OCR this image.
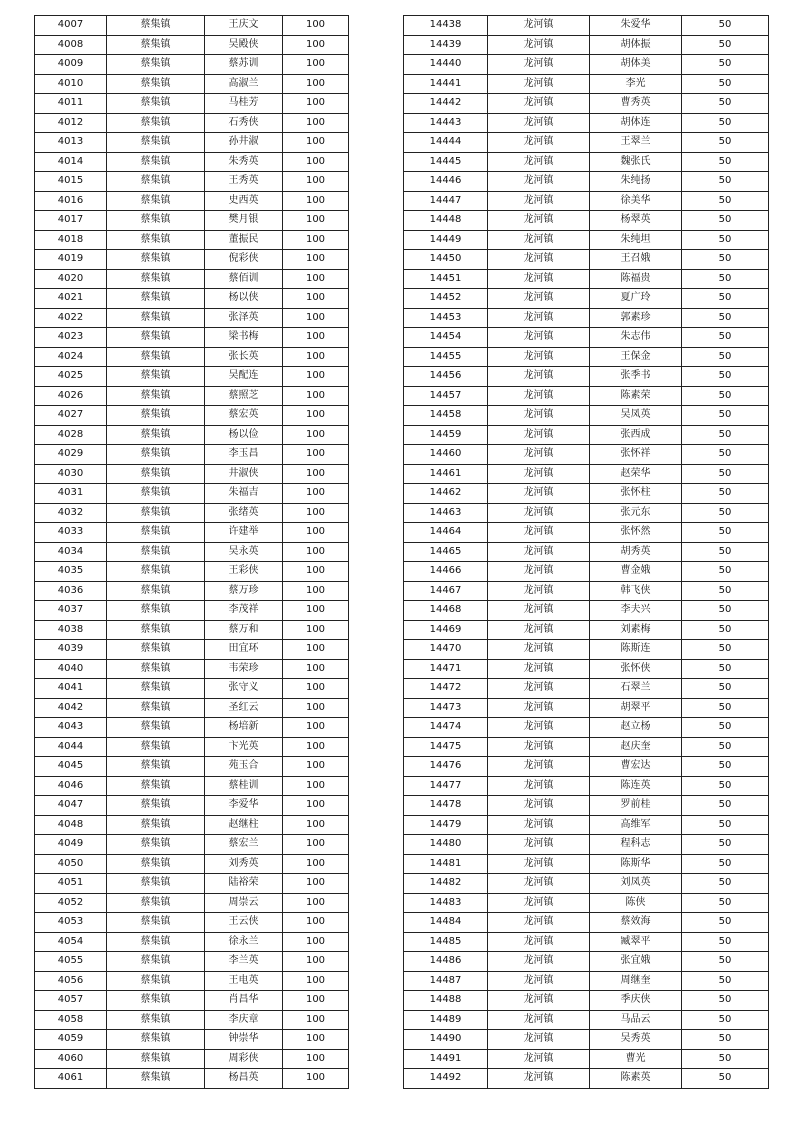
4007	蔡集镇	王庆文	100
4008	蔡集镇	吴殿侠	100
4009	蔡集镇	蔡苏训	100
4010	蔡集镇	高淑兰	100
4011	蔡集镇	马桂芳	100
4012	蔡集镇	石秀侠	100
4013	蔡集镇	孙井淑	100
4014	蔡集镇	朱秀英	100
4015	蔡集镇	王秀英	100
4016	蔡集镇	史西英	100
4017	蔡集镇	樊月银	100
4018	蔡集镇	董振民	100
4019	蔡集镇	倪彩侠	100
4020	蔡集镇	蔡佰训	100
4021	蔡集镇	杨以侠	100
4022	蔡集镇	张泽英	100
4023	蔡集镇	梁书梅	100
4024	蔡集镇	张长英	100
4025	蔡集镇	吴配连	100
4026	蔡集镇	蔡照芝	100
4027	蔡集镇	蔡宏英	100
4028	蔡集镇	杨以俭	100
4029	蔡集镇	李玉昌	100
4030	蔡集镇	井淑侠	100
4031	蔡集镇	朱福吉	100
4032	蔡集镇	张绪英	100
4033	蔡集镇	许建举	100
4034	蔡集镇	吴永英	100
4035	蔡集镇	王彩侠	100
4036	蔡集镇	蔡万珍	100
4037	蔡集镇	李茂祥	100
4038	蔡集镇	蔡万和	100
4039	蔡集镇	田宜环	100
4040	蔡集镇	韦荣珍	100
4041	蔡集镇	张守义	100
4042	蔡集镇	圣红云	100
4043	蔡集镇	杨培新	100
4044	蔡集镇	卞光英	100
4045	蔡集镇	苑玉合	100
4046	蔡集镇	蔡桂训	100
4047	蔡集镇	李爱华	100
4048	蔡集镇	赵继柱	100
4049	蔡集镇	蔡宏兰	100
4050	蔡集镇	刘秀英	100
4051	蔡集镇	陆裕荣	100
4052	蔡集镇	周崇云	100
4053	蔡集镇	王云侠	100
4054	蔡集镇	徐永兰	100
4055	蔡集镇	李兰英	100
4056	蔡集镇	王电英	100
4057	蔡集镇	肖昌华	100
4058	蔡集镇	李庆章	100
4059	蔡集镇	钟崇华	100
4060	蔡集镇	周彩侠	100
4061	蔡集镇	杨昌英	100
14438	龙河镇	朱爱华	50
14439	龙河镇	胡体振	50
14440	龙河镇	胡体美	50
14441	龙河镇	李光	50
14442	龙河镇	曹秀英	50
14443	龙河镇	胡体连	50
14444	龙河镇	王翠兰	50
14445	龙河镇	魏张氏	50
14446	龙河镇	朱纯扬	50
14447	龙河镇	徐美华	50
14448	龙河镇	杨翠英	50
14449	龙河镇	朱纯坦	50
14450	龙河镇	王召娥	50
14451	龙河镇	陈福贵	50
14452	龙河镇	夏广玲	50
14453	龙河镇	郭素珍	50
14454	龙河镇	朱志伟	50
14455	龙河镇	王保金	50
14456	龙河镇	张季书	50
14457	龙河镇	陈素荣	50
14458	龙河镇	吴凤英	50
14459	龙河镇	张西成	50
14460	龙河镇	张怀祥	50
14461	龙河镇	赵荣华	50
14462	龙河镇	张怀柱	50
14463	龙河镇	张元东	50
14464	龙河镇	张怀然	50
14465	龙河镇	胡秀英	50
14466	龙河镇	曹金娥	50
14467	龙河镇	韩飞侠	50
14468	龙河镇	李夫兴	50
14469	龙河镇	刘素梅	50
14470	龙河镇	陈斯连	50
14471	龙河镇	张怀侠	50
14472	龙河镇	石翠兰	50
14473	龙河镇	胡翠平	50
14474	龙河镇	赵立杨	50
14475	龙河镇	赵庆奎	50
14476	龙河镇	曹宏达	50
14477	龙河镇	陈连英	50
14478	龙河镇	罗前桂	50
14479	龙河镇	高维军	50
14480	龙河镇	程科志	50
14481	龙河镇	陈斯华	50
14482	龙河镇	刘凤英	50
14483	龙河镇	陈侠	50
14484	龙河镇	蔡效海	50
14485	龙河镇	臧翠平	50
14486	龙河镇	张宜娥	50
14487	龙河镇	周继奎	50
14488	龙河镇	季庆侠	50
14489	龙河镇	马品云	50
14490	龙河镇	吴秀英	50
14491	龙河镇	曹光	50
14492	龙河镇	陈素英	50
